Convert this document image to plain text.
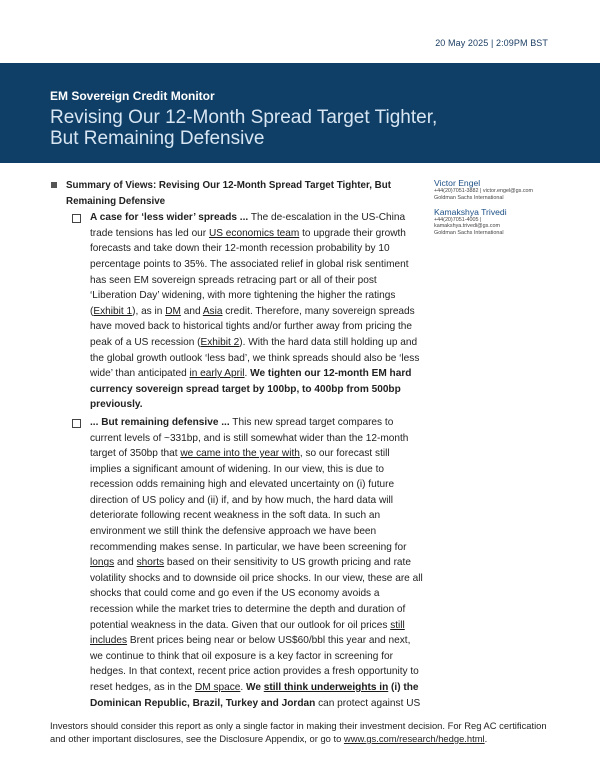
20 May 2025 | 2:09PM BST
EM Sovereign Credit Monitor
Revising Our 12-Month Spread Target Tighter, But Remaining Defensive
Summary of Views: Revising Our 12-Month Spread Target Tighter, But Remaining Defensive
A case for ‘less wider’ spreads ... The de-escalation in the US-China trade tensions has led our US economics team to upgrade their growth forecasts and take down their 12-month recession probability by 10 percentage points to 35%. The associated relief in global risk sentiment has seen EM sovereign spreads retracing part or all of their post ‘Liberation Day’ widening, with more tightening the higher the ratings (Exhibit 1), as in DM and Asia credit. Therefore, many sovereign spreads have moved back to historical tights and/or further away from pricing the peak of a US recession (Exhibit 2). With the hard data still holding up and the global growth outlook ‘less bad’, we think spreads should also be ‘less wide’ than anticipated in early April. We tighten our 12-month EM hard currency sovereign spread target by 100bp, to 400bp from 500bp previously.
... But remaining defensive ... This new spread target compares to current levels of ~331bp, and is still somewhat wider than the 12-month target of 350bp that we came into the year with, so our forecast still implies a significant amount of widening. In our view, this is due to recession odds remaining high and elevated uncertainty on (i) future direction of US policy and (ii) if, and by how much, the hard data will deteriorate following recent weakness in the soft data. In such an environment we still think the defensive approach we have been recommending makes sense. In particular, we have been screening for longs and shorts based on their sensitivity to US growth pricing and rate volatility shocks and to downside oil price shocks. In our view, these are all shocks that could come and go even if the US economy avoids a recession while the market tries to determine the depth and duration of potential weakness in the data. Given that our outlook for oil prices still includes Brent prices being near or below US$60/bbl this year and next, we continue to think that oil exposure is a key factor in screening for hedges. In that context, recent price action provides a fresh opportunity to reset hedges, as in the DM space. We still think underweights in (i) the Dominican Republic, Brazil, Turkey and Jordan can protect against US
Victor Engel
+44(20)7051-3882 | victor.engel@gs.com
Goldman Sachs International
Kamakshya Trivedi
+44(20)7051-4005 |
kamakshya.trivedi@gs.com
Goldman Sachs International
Investors should consider this report as only a single factor in making their investment decision. For Reg AC certification and other important disclosures, see the Disclosure Appendix, or go to www.gs.com/research/hedge.html.
